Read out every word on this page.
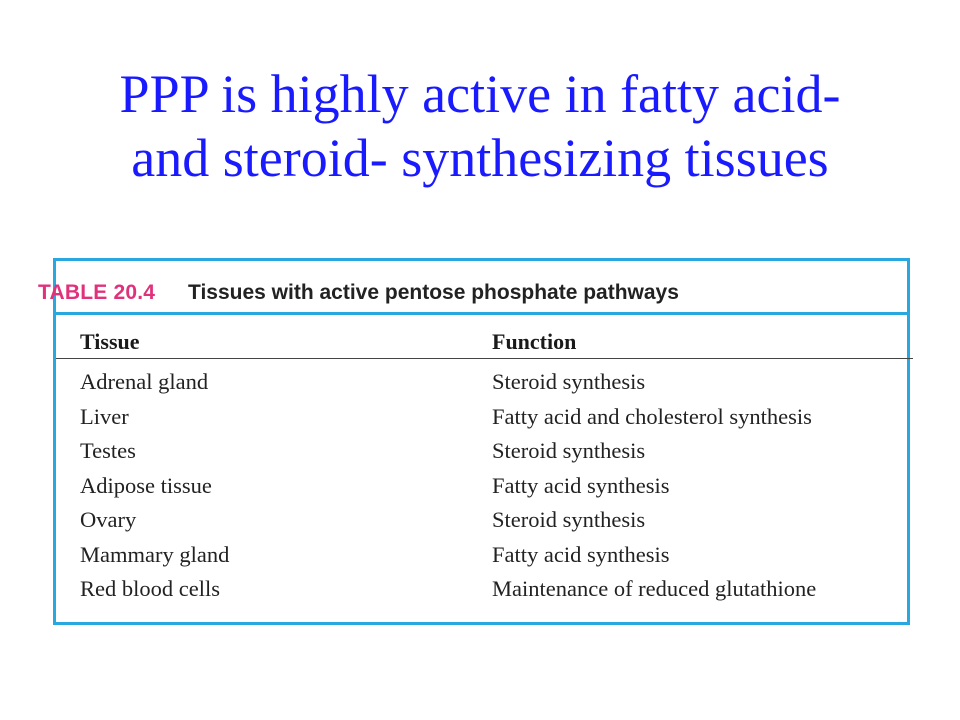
PPP is highly active in fatty acid-
and steroid- synthesizing tissues
TABLE 20.4 Tissues with active pentose phosphate pathways
Tissue	Function
Adrenal gland	Steroid synthesis
Liver	Fatty acid and cholesterol synthesis
Testes	Steroid synthesis
Adipose tissue	Fatty acid synthesis
Ovary	Steroid synthesis
Mammary gland	Fatty acid synthesis
Red blood cells	Maintenance of reduced glutathione
